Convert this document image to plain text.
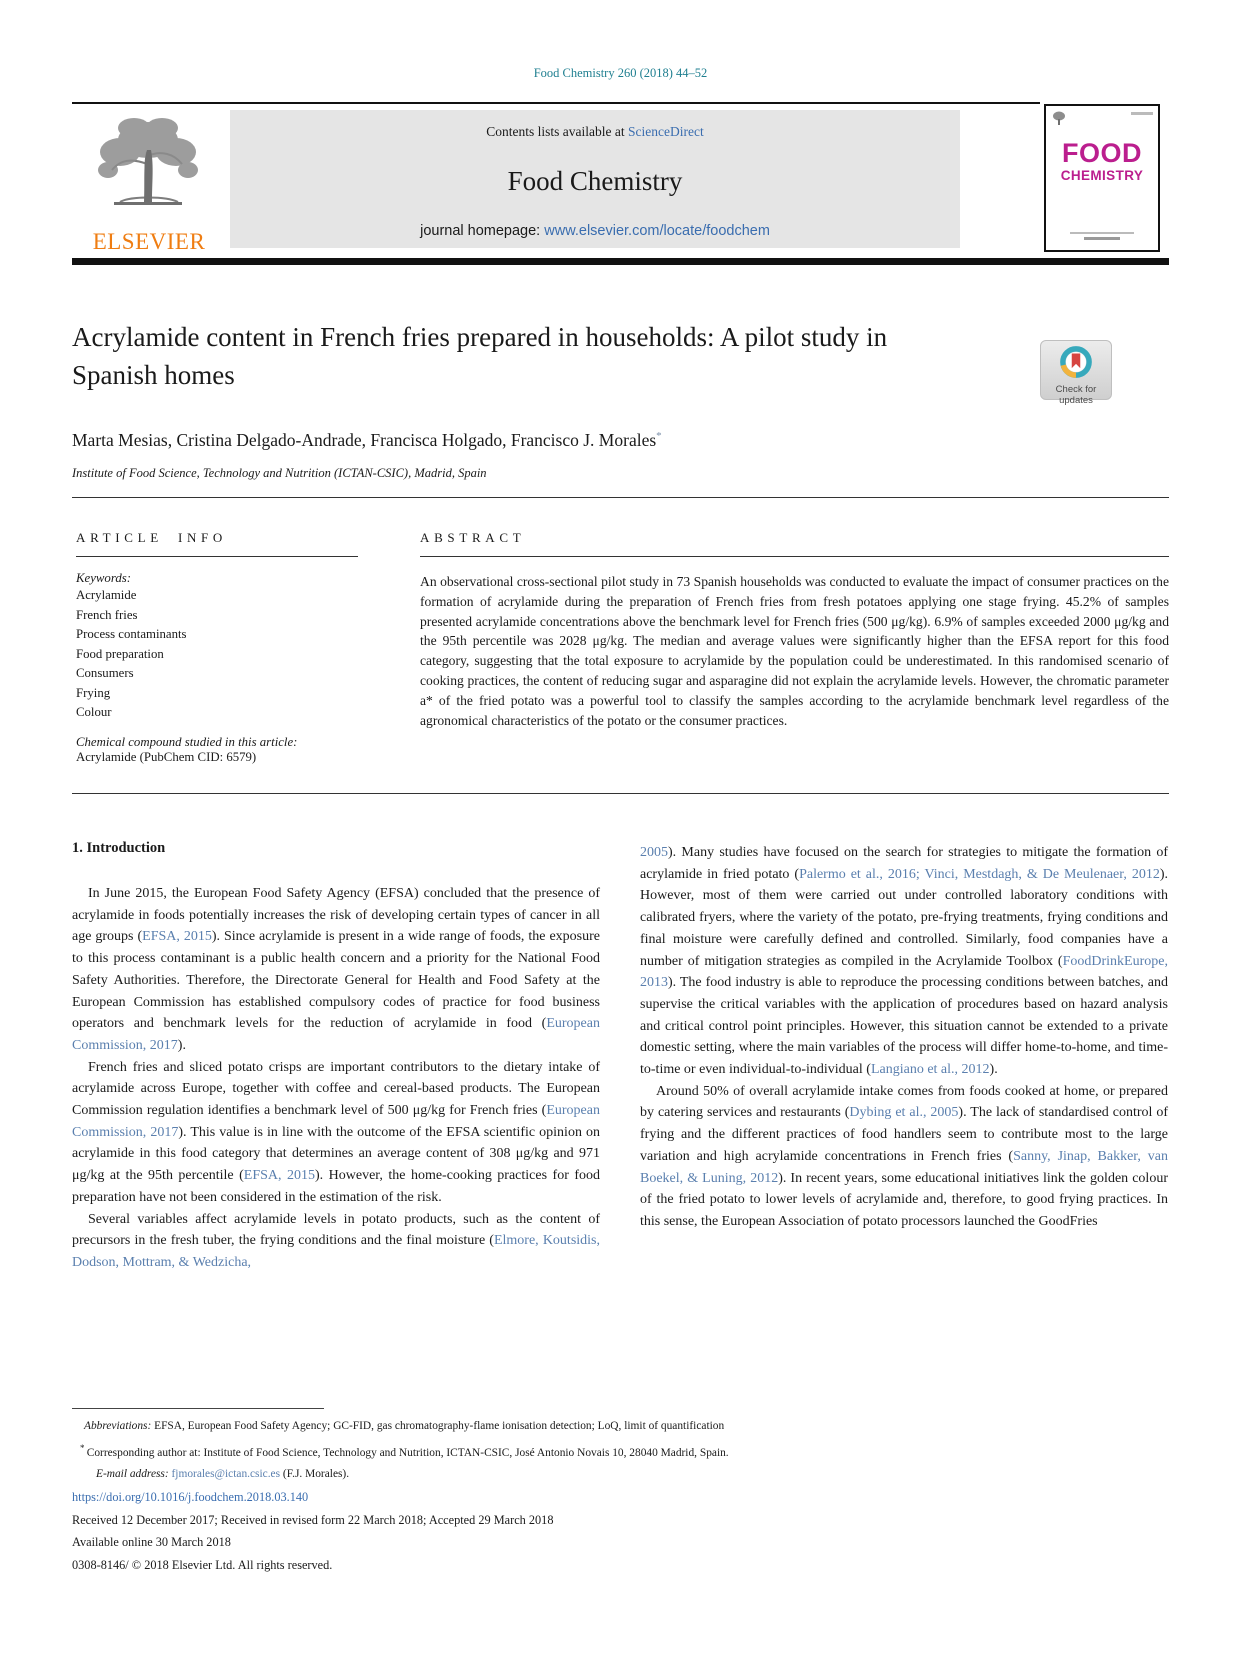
Food Chemistry 260 (2018) 44–52
ELSEVIER
Contents lists available at ScienceDirect
Food Chemistry
journal homepage: www.elsevier.com/locate/foodchem
FOOD
CHEMISTRY
Acrylamide content in French fries prepared in households: A pilot study in Spanish homes	Check for
updates
Marta Mesias, Cristina Delgado-Andrade, Francisca Holgado, Francisco J. Morales*
Institute of Food Science, Technology and Nutrition (ICTAN-CSIC), Madrid, Spain
ARTICLE INFO
Keywords:
Acrylamide
French fries
Process contaminants
Food preparation
Consumers
Frying
Colour
Chemical compound studied in this article:
Acrylamide (PubChem CID: 6579)
ABSTRACT

An observational cross-sectional pilot study in 73 Spanish households was conducted to evaluate the impact of consumer practices on the formation of acrylamide during the preparation of French fries from fresh potatoes applying one stage frying. 45.2% of samples presented acrylamide concentrations above the benchmark level for French fries (500 μg/kg). 6.9% of samples exceeded 2000 μg/kg and the 95th percentile was 2028 μg/kg. The median and average values were significantly higher than the EFSA report for this food category, suggesting that the total exposure to acrylamide by the population could be underestimated. In this randomised scenario of cooking practices, the content of reducing sugar and asparagine did not explain the acrylamide levels. However, the chromatic parameter a* of the fried potato was a powerful tool to classify the samples according to the acrylamide benchmark level regardless of the agronomical characteristics of the potato or the consumer practices.

1. Introduction

In June 2015, the European Food Safety Agency (EFSA) concluded that the presence of acrylamide in foods potentially increases the risk of developing certain types of cancer in all age groups (EFSA, 2015). Since acrylamide is present in a wide range of foods, the exposure to this process contaminant is a public health concern and a priority for the National Food Safety Authorities. Therefore, the Directorate General for Health and Food Safety at the European Commission has established compulsory codes of practice for food business operators and benchmark levels for the reduction of acrylamide in food (European Commission, 2017).

French fries and sliced potato crisps are important contributors to the dietary intake of acrylamide across Europe, together with coffee and cereal-based products. The European Commission regulation identifies a benchmark level of 500 μg/kg for French fries (European Commission, 2017). This value is in line with the outcome of the EFSA scientific opinion on acrylamide in this food category that determines an average content of 308 μg/kg and 971 μg/kg at the 95th percentile (EFSA, 2015). However, the home-cooking practices for food preparation have not been considered in the estimation of the risk.

Several variables affect acrylamide levels in potato products, such as the content of precursors in the fresh tuber, the frying conditions and the final moisture (Elmore, Koutsidis, Dodson, Mottram, & Wedzicha,

2005). Many studies have focused on the search for strategies to mitigate the formation of acrylamide in fried potato (Palermo et al., 2016; Vinci, Mestdagh, & De Meulenaer, 2012). However, most of them were carried out under controlled laboratory conditions with calibrated fryers, where the variety of the potato, pre-frying treatments, frying conditions and final moisture were carefully defined and controlled. Similarly, food companies have a number of mitigation strategies as compiled in the Acrylamide Toolbox (FoodDrinkEurope, 2013). The food industry is able to reproduce the processing conditions between batches, and supervise the critical variables with the application of procedures based on hazard analysis and critical control point principles. However, this situation cannot be extended to a private domestic setting, where the main variables of the process will differ home-to-home, and time-to-time or even individual-to-individual (Langiano et al., 2012).

Around 50% of overall acrylamide intake comes from foods cooked at home, or prepared by catering services and restaurants (Dybing et al., 2005). The lack of standardised control of frying and the different practices of food handlers seem to contribute most to the large variation and high acrylamide concentrations in French fries (Sanny, Jinap, Bakker, van Boekel, & Luning, 2012). In recent years, some educational initiatives link the golden colour of the fried potato to lower levels of acrylamide and, therefore, to good frying practices. In this sense, the European Association of potato processors launched the GoodFries

Abbreviations: EFSA, European Food Safety Agency; GC-FID, gas chromatography-flame ionisation detection; LoQ, limit of quantification

* Corresponding author at: Institute of Food Science, Technology and Nutrition, ICTAN-CSIC, José Antonio Novais 10, 28040 Madrid, Spain.

E-mail address: fjmorales@ictan.csic.es (F.J. Morales).

https://doi.org/10.1016/j.foodchem.2018.03.140
Received 12 December 2017; Received in revised form 22 March 2018; Accepted 29 March 2018
Available online 30 March 2018
0308-8146/ © 2018 Elsevier Ltd. All rights reserved.
